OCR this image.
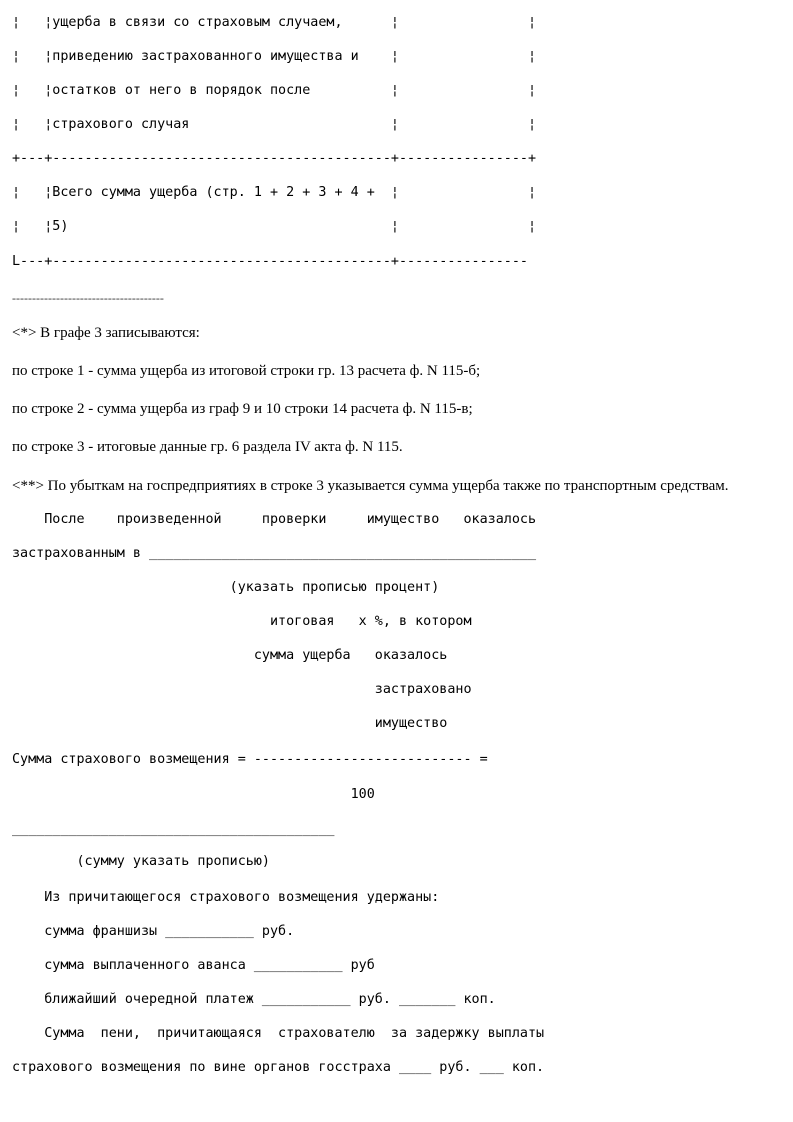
¦   ¦ущерба в связи со страховым случаем,      ¦                ¦
¦   ¦приведению застрахованного имущества и    ¦                ¦
¦   ¦остатков от него в порядок после          ¦                ¦
¦   ¦страхового случая                         ¦                ¦
+---+------------------------------------------+----------------+
¦   ¦Всего сумма ущерба (стр. 1 + 2 + 3 + 4 +  ¦                ¦
¦   ¦5)                                        ¦                ¦
L---+------------------------------------------+----------------
--------------------------------------
<*> В графе 3 записываются:
по строке 1 - сумма ущерба из итоговой строки гр. 13 расчета ф. N 115-б;
по строке 2 - сумма ущерба из граф 9 и 10 строки 14 расчета ф. N 115-в;
по строке 3 - итоговые данные гр. 6 раздела IV акта ф. N 115.
<**> По убыткам на госпредприятиях в строке 3 указывается сумма ущерба также по транспортным средствам.
После    произведенной     проверки     имущество   оказалось
застрахованным в ________________________________________________
(указать прописью процент)
итоговая   x %, в котором
сумма ущерба   оказалось
застраховано
имущество
Сумма страхового возмещения = --------------------------- =
100
________________________________________
(сумму указать прописью)
Из причитающегося страхового возмещения удержаны:
сумма франшизы ___________ руб.
сумма выплаченного аванса ___________ руб
ближайший очередной платеж ___________ руб. _______ коп.
Сумма  пени,  причитающаяся  страхователю  за задержку выплаты
страхового возмещения по вине органов госстраха ____ руб. ___ коп.
